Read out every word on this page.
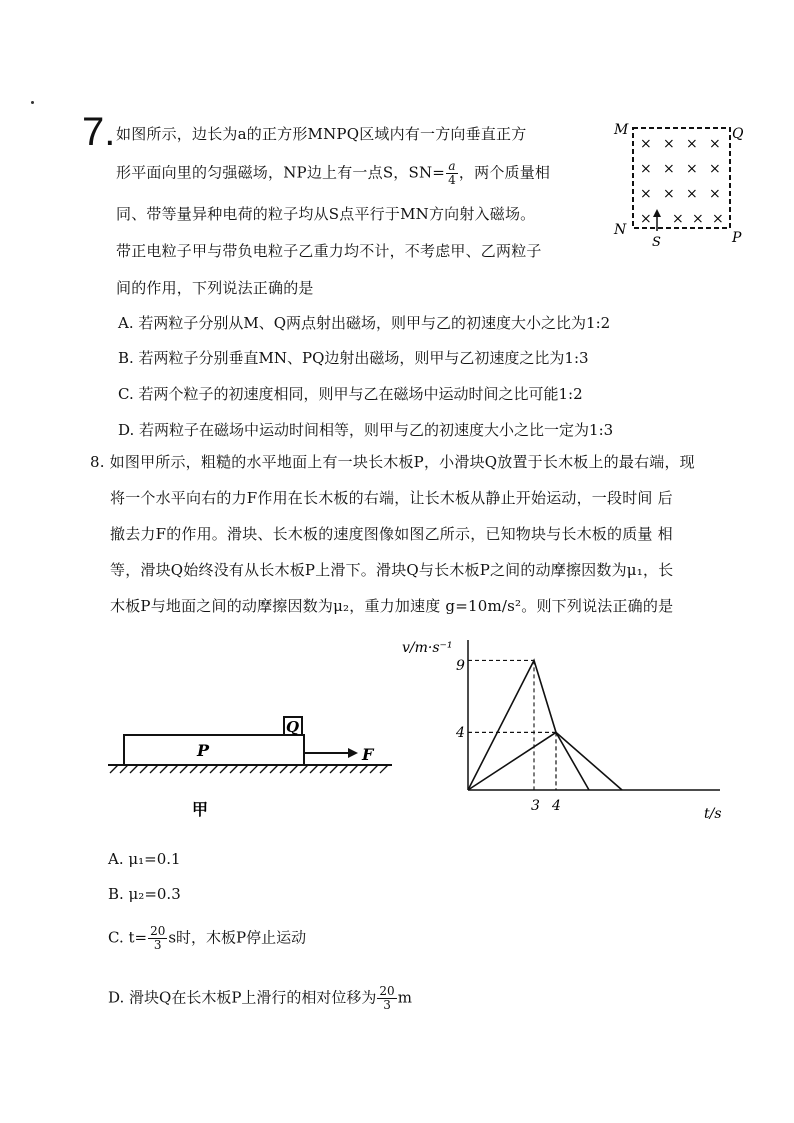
7. 如图所示，边长为a的正方形MNPQ区域内有一方向垂直正方
形平面向里的匀强磁场，NP边上有一点S，$SN= \frac{a}{4}$ ，两个质量相
同、带等量异种电荷的粒子均从S点平行于MN方向射入磁场。
带正电粒子甲与带负电粒子乙重力均不计，不考虑甲、乙两粒子
间的作用，下列说法正确的是
A. 若两粒子分别从M、Q两点射出磁场，则甲与乙的初速度大小之比为1:2
B. 若两粒子分别垂直MN、PQ边射出磁场，则甲与乙初速度之比为1:3
C. 若两个粒子的初速度相同，则甲与乙在磁场中运动时间之比可能1:2
D. 若两粒子在磁场中运动时间相等，则甲与乙的初速度大小之比一定为1:3
M	Q
N	P
S
× × × ×
× × × ×
× × × ×
× × × ×
8. 如图甲所示，粗糙的水平地面上有一块长木板P，小滑块Q放置于长木板上的最右端，现
将一个水平向右的力F作用在长木板的右端，让长木板从静止开始运动，一段时间 后
撤去力F的作用。滑块、长木板的速度图像如图乙所示，已知物块与长木板的质量 相
等，滑块Q始终没有从长木板P上滑下。滑块Q与长木板P之间的动摩擦因数为μ₁，长
木板P与地面之间的动摩擦因数为μ₂，重力加速度 g=10m/s²。则下列说法正确的是
P
Q
F
甲
v/m·s⁻¹
t/s
9
4
3 4
A. μ₁=0.1
B. μ₂=0.3
C. $t= \frac{20}{3}$ s时，木板P停止运动
D. 滑块Q在长木板P上滑行的相对位移为 $\frac{20}{3}$ m
